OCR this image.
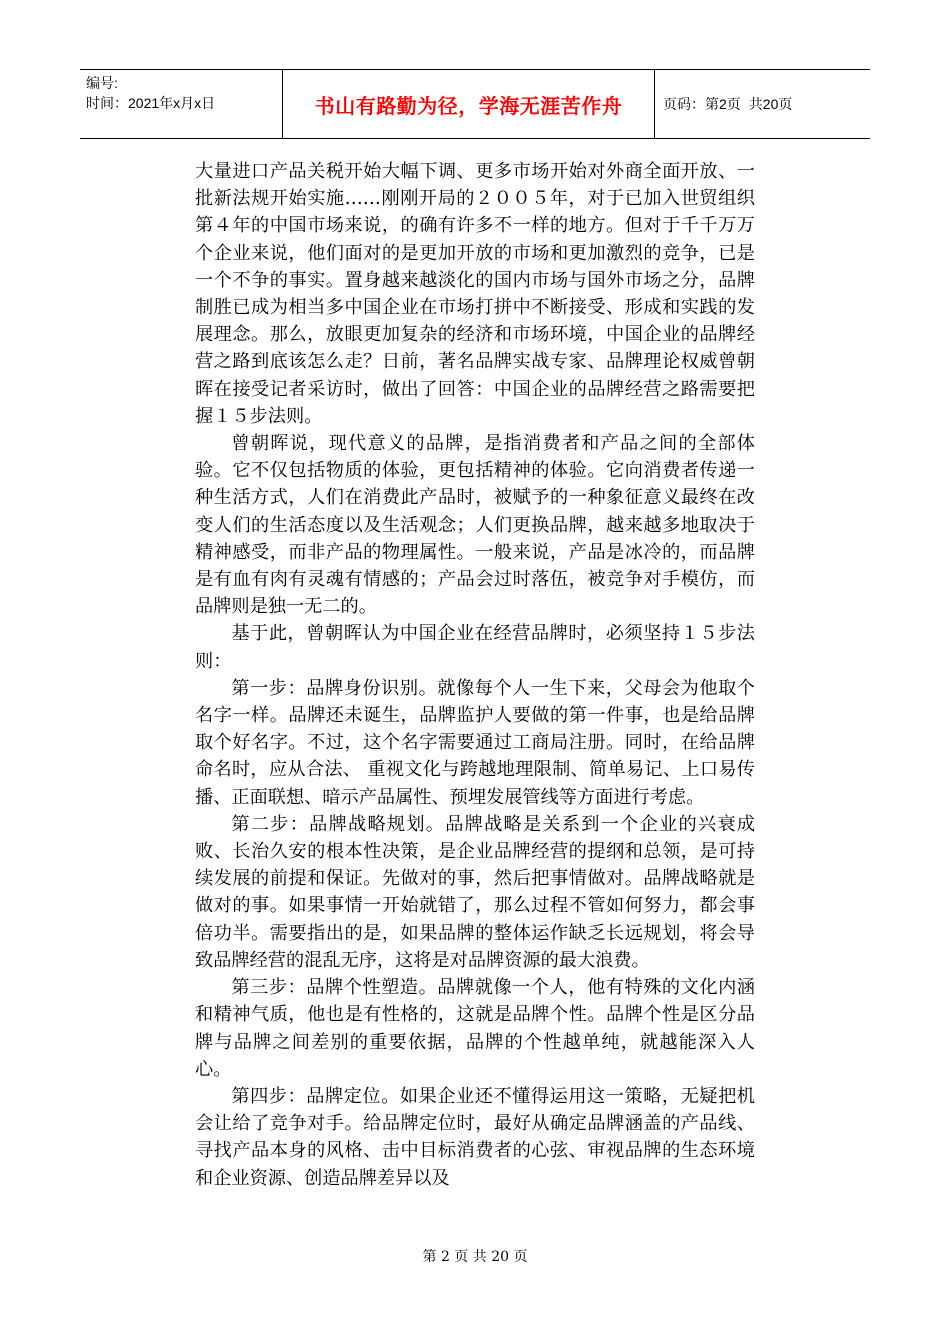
编号:
时间：2021年x月x日	书山有路勤为径，学海无涯苦作舟	页码：第2页 共20页

大量进口产品关税开始大幅下调、更多市场开始对外商全面开放、一批新法规开始实施……刚刚开局的２００５年，对于已加入世贸组织第４年的中国市场来说，的确有许多不一样的地方。但对于千千万万个企业来说，他们面对的是更加开放的市场和更加激烈的竞争，已是一个不争的事实。置身越来越淡化的国内市场与国外市场之分，品牌制胜已成为相当多中国企业在市场打拼中不断接受、形成和实践的发展理念。那么，放眼更加复杂的经济和市场环境，中国企业的品牌经营之路到底该怎么走？日前，著名品牌实战专家、品牌理论权威曾朝晖在接受记者采访时，做出了回答：中国企业的品牌经营之路需要把握１５步法则。

曾朝晖说，现代意义的品牌，是指消费者和产品之间的全部体验。它不仅包括物质的体验，更包括精神的体验。它向消费者传递一种生活方式，人们在消费此产品时，被赋予的一种象征意义最终在改变人们的生活态度以及生活观念；人们更换品牌，越来越多地取决于精神感受，而非产品的物理属性。一般来说，产品是冰冷的，而品牌是有血有肉有灵魂有情感的；产品会过时落伍，被竞争对手模仿，而品牌则是独一无二的。

基于此，曾朝晖认为中国企业在经营品牌时，必须坚持１５步法则：

第一步：品牌身份识别。就像每个人一生下来，父母会为他取个名字一样。品牌还未诞生，品牌监护人要做的第一件事，也是给品牌取个好名字。不过，这个名字需要通过工商局注册。同时，在给品牌命名时，应从合法、 重视文化与跨越地理限制、简单易记、上口易传播、正面联想、暗示产品属性、预埋发展管线等方面进行考虑。

第二步：品牌战略规划。品牌战略是关系到一个企业的兴衰成败、长治久安的根本性决策，是企业品牌经营的提纲和总领，是可持续发展的前提和保证。先做对的事，然后把事情做对。品牌战略就是做对的事。如果事情一开始就错了，那么过程不管如何努力，都会事倍功半。需要指出的是，如果品牌的整体运作缺乏长远规划，将会导致品牌经营的混乱无序，这将是对品牌资源的最大浪费。

第三步：品牌个性塑造。品牌就像一个人，他有特殊的文化内涵和精神气质，他也是有性格的，这就是品牌个性。品牌个性是区分品牌与品牌之间差别的重要依据，品牌的个性越单纯，就越能深入人心。

第四步：品牌定位。如果企业还不懂得运用这一策略，无疑把机会让给了竞争对手。给品牌定位时，最好从确定品牌涵盖的产品线、寻找产品本身的风格、击中目标消费者的心弦、审视品牌的生态环境和企业资源、创造品牌差异以及

第 2 页 共 20 页
